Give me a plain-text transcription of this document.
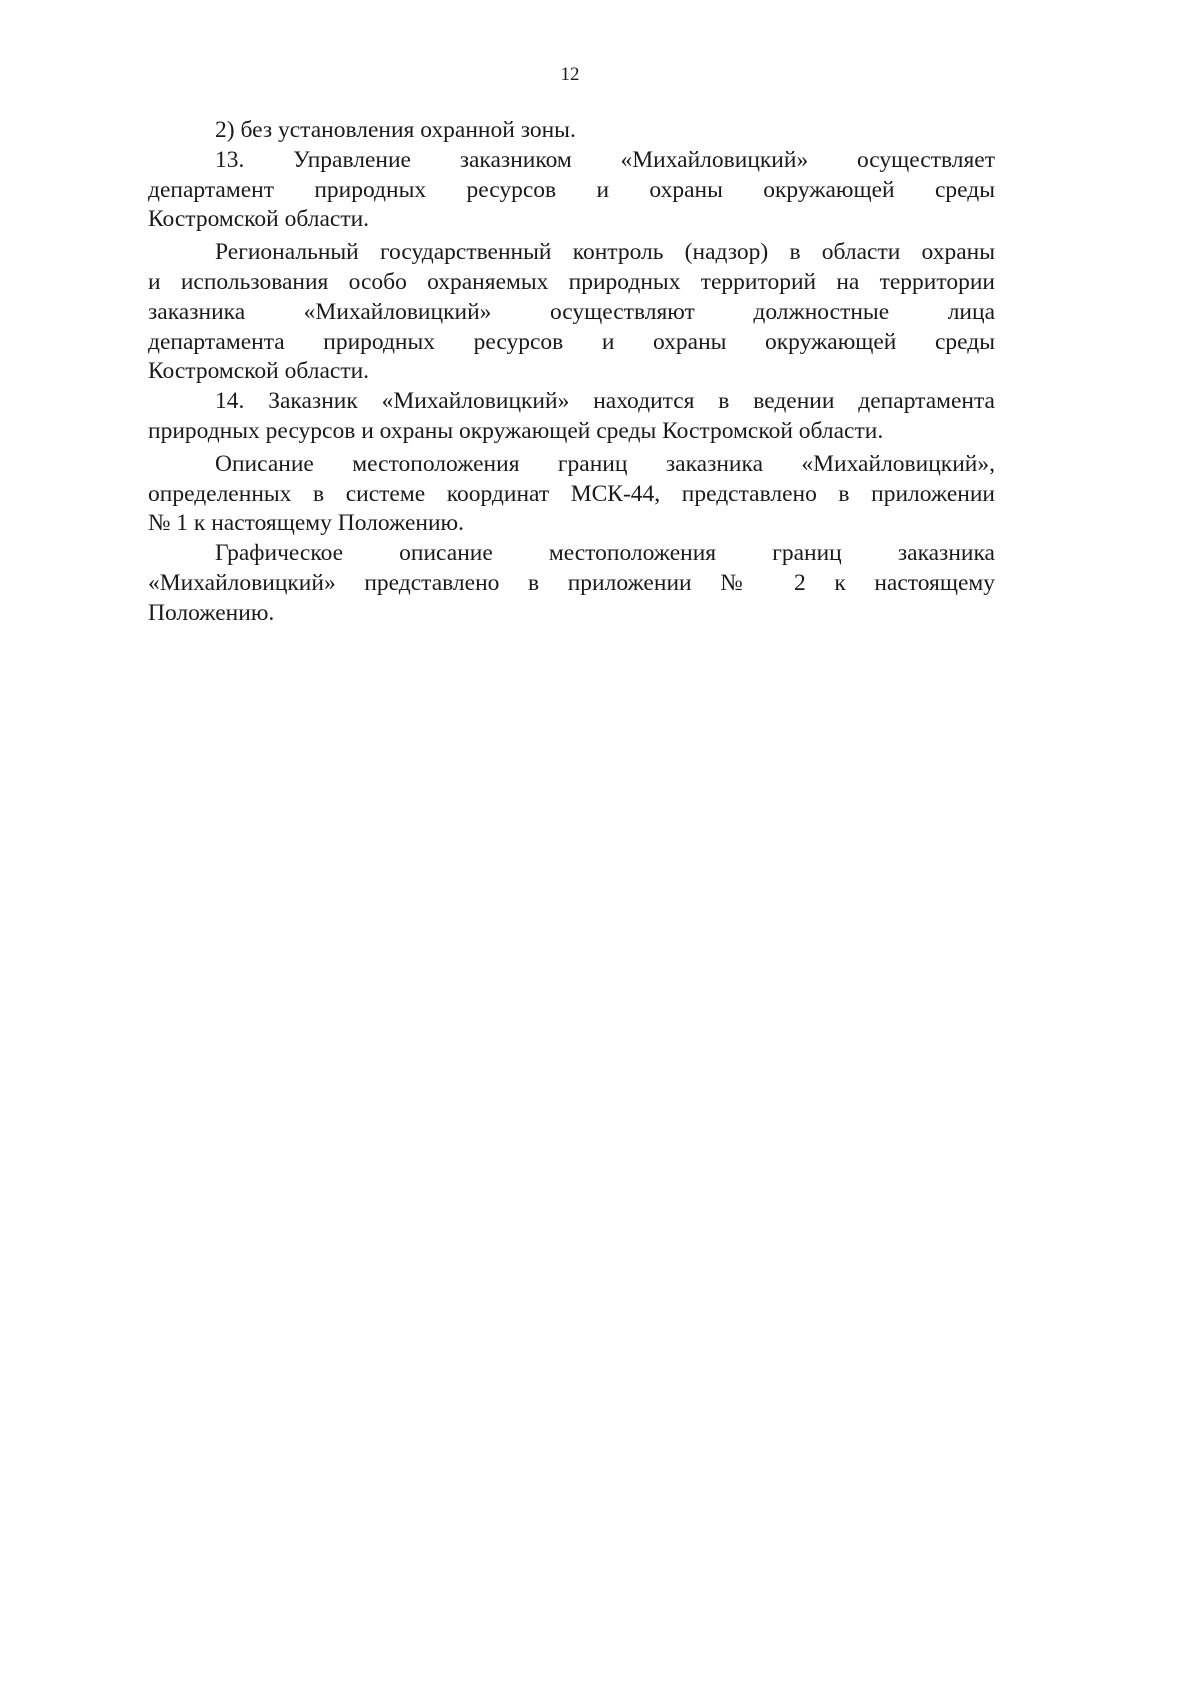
12
2) без установления охранной зоны.
13. Управление заказником «Михайловицкий» осуществляет
департамент природных ресурсов и охраны окружающей среды
Костромской области.
Региональный государственный контроль (надзор) в области охраны
и использования особо охраняемых природных территорий на территории
заказника «Михайловицкий» осуществляют должностные лица
департамента природных ресурсов и охраны окружающей среды
Костромской области.
14. Заказник «Михайловицкий» находится в ведении департамента
природных ресурсов и охраны окружающей среды Костромской области.
Описание местоположения границ заказника «Михайловицкий»,
определенных в системе координат МСК-44, представлено в приложении
№ 1 к настоящему Положению.
Графическое описание местоположения границ заказника
«Михайловицкий» представлено в приложении № 2 к настоящему
Положению.
